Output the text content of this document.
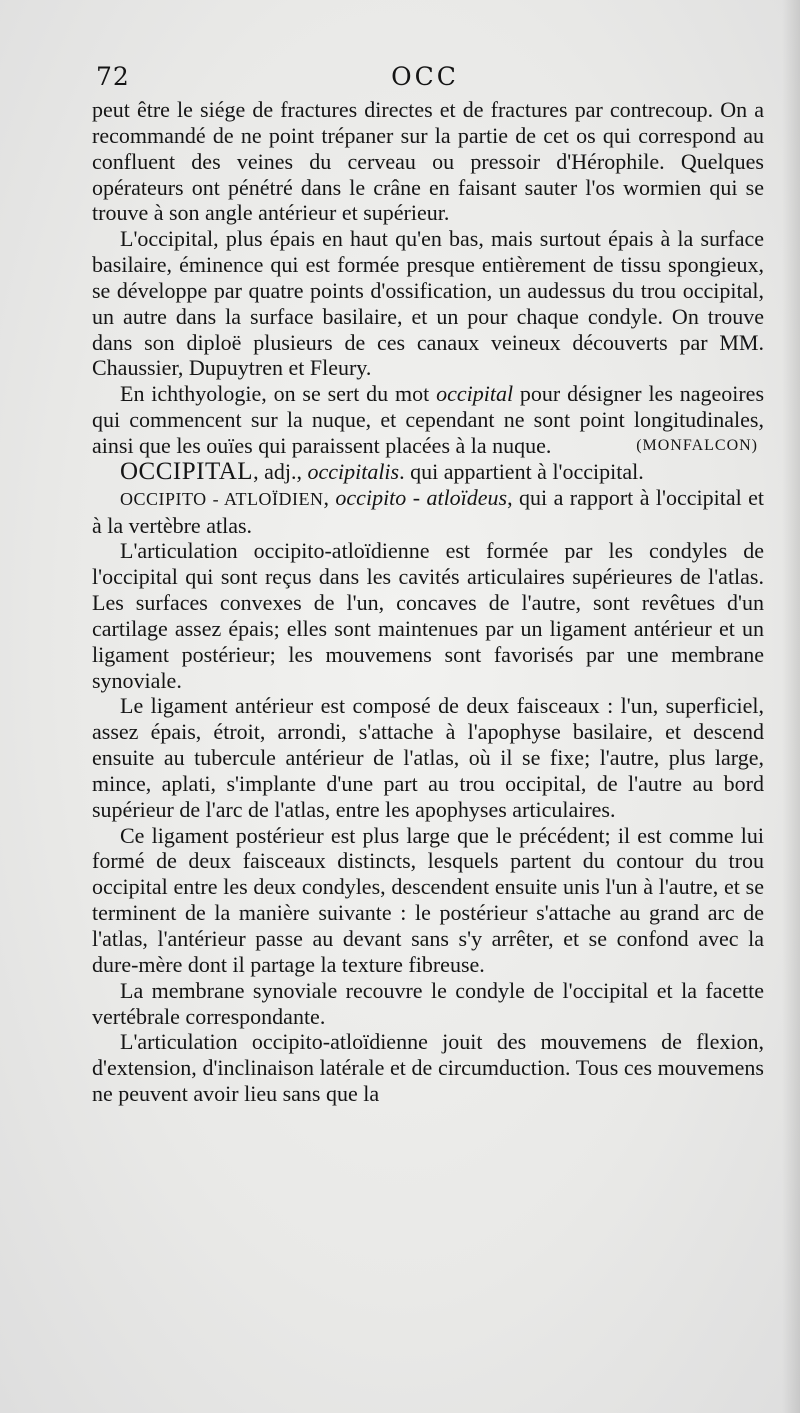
72	OCC

peut être le siége de fractures directes et de fractures par contrecoup. On a recommandé de ne point trépaner sur la partie de cet os qui correspond au confluent des veines du cerveau ou pressoir d'Hérophile. Quelques opérateurs ont pénétré dans le crâne en faisant sauter l'os wormien qui se trouve à son angle antérieur et supérieur.

L'occipital, plus épais en haut qu'en bas, mais surtout épais à la surface basilaire, éminence qui est formée presque entièrement de tissu spongieux, se développe par quatre points d'ossification, un audessus du trou occipital, un autre dans la surface basilaire, et un pour chaque condyle. On trouve dans son diploë plusieurs de ces canaux veineux découverts par MM. Chaussier, Dupuytren et Fleury.

En ichthyologie, on se sert du mot occipital pour désigner les nageoires qui commencent sur la nuque, et cependant ne sont point longitudinales, ainsi que les ouïes qui paraissent placées à la nuque.	(MONFALCON)

OCCIPITAL, adj., occipitalis. qui appartient à l'occipital.

OCCIPITO - ATLOÏDIEN, occipito - atloïdeus, qui a rapport à l'occipital et à la vertèbre atlas.

L'articulation occipito-atloïdienne est formée par les condyles de l'occipital qui sont reçus dans les cavités articulaires supérieures de l'atlas. Les surfaces convexes de l'un, concaves de l'autre, sont revêtues d'un cartilage assez épais; elles sont maintenues par un ligament antérieur et un ligament postérieur; les mouvemens sont favorisés par une membrane synoviale.

Le ligament antérieur est composé de deux faisceaux : l'un, superficiel, assez épais, étroit, arrondi, s'attache à l'apophyse basilaire, et descend ensuite au tubercule antérieur de l'atlas, où il se fixe; l'autre, plus large, mince, aplati, s'implante d'une part au trou occipital, de l'autre au bord supérieur de l'arc de l'atlas, entre les apophyses articulaires.

Ce ligament postérieur est plus large que le précédent; il est comme lui formé de deux faisceaux distincts, lesquels partent du contour du trou occipital entre les deux condyles, descendent ensuite unis l'un à l'autre, et se terminent de la manière suivante : le postérieur s'attache au grand arc de l'atlas, l'antérieur passe au devant sans s'y arrêter, et se confond avec la dure-mère dont il partage la texture fibreuse.

La membrane synoviale recouvre le condyle de l'occipital et la facette vertébrale correspondante.

L'articulation occipito-atloïdienne jouit des mouvemens de flexion, d'extension, d'inclinaison latérale et de circumduction. Tous ces mouvemens ne peuvent avoir lieu sans que la
